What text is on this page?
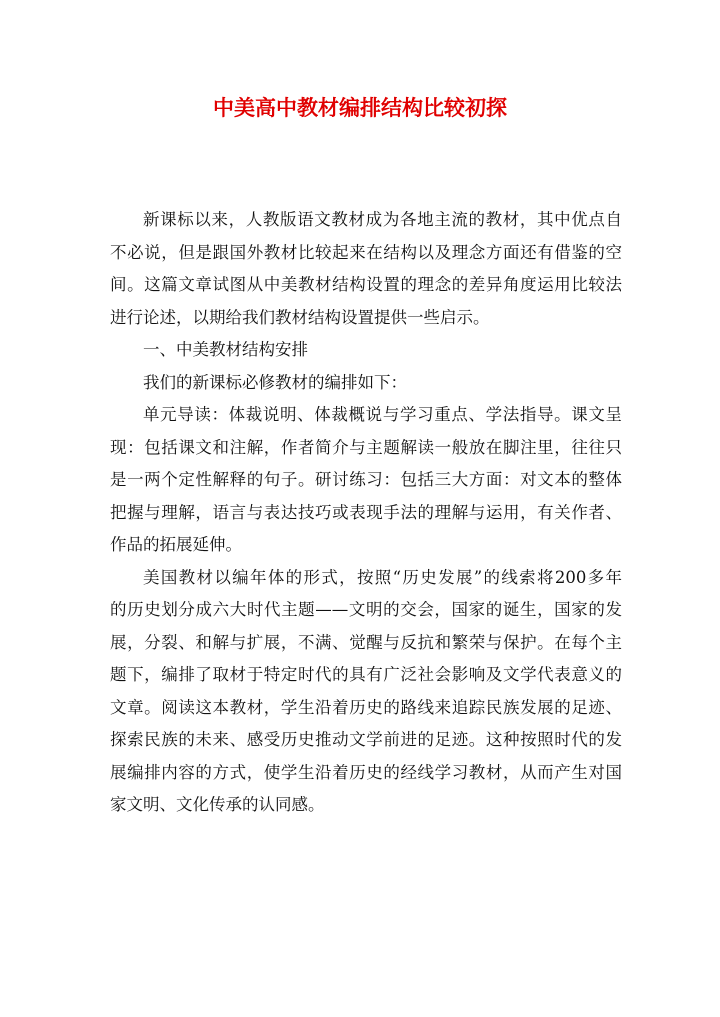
中美高中教材编排结构比较初探

新课标以来，人教版语文教材成为各地主流的教材，其中优点自
不必说，但是跟国外教材比较起来在结构以及理念方面还有借鉴的空
间。这篇文章试图从中美教材结构设置的理念的差异角度运用比较法
进行论述，以期给我们教材结构设置提供一些启示。

一、中美教材结构安排

我们的新课标必修教材的编排如下：

单元导读：体裁说明、体裁概说与学习重点、学法指导。课文呈
现：包括课文和注解，作者简介与主题解读一般放在脚注里，往往只
是一两个定性解释的句子。研讨练习：包括三大方面：对文本的整体
把握与理解，语言与表达技巧或表现手法的理解与运用，有关作者、
作品的拓展延伸。

美国教材以编年体的形式，按照“历史发展”的线索将200多年
的历史划分成六大时代主题——文明的交会，国家的诞生，国家的发
展，分裂、和解与扩展，不满、觉醒与反抗和繁荣与保护。在每个主
题下，编排了取材于特定时代的具有广泛社会影响及文学代表意义的
文章。阅读这本教材，学生沿着历史的路线来追踪民族发展的足迹、
探索民族的未来、感受历史推动文学前进的足迹。这种按照时代的发
展编排内容的方式，使学生沿着历史的经线学习教材，从而产生对国
家文明、文化传承的认同感。
